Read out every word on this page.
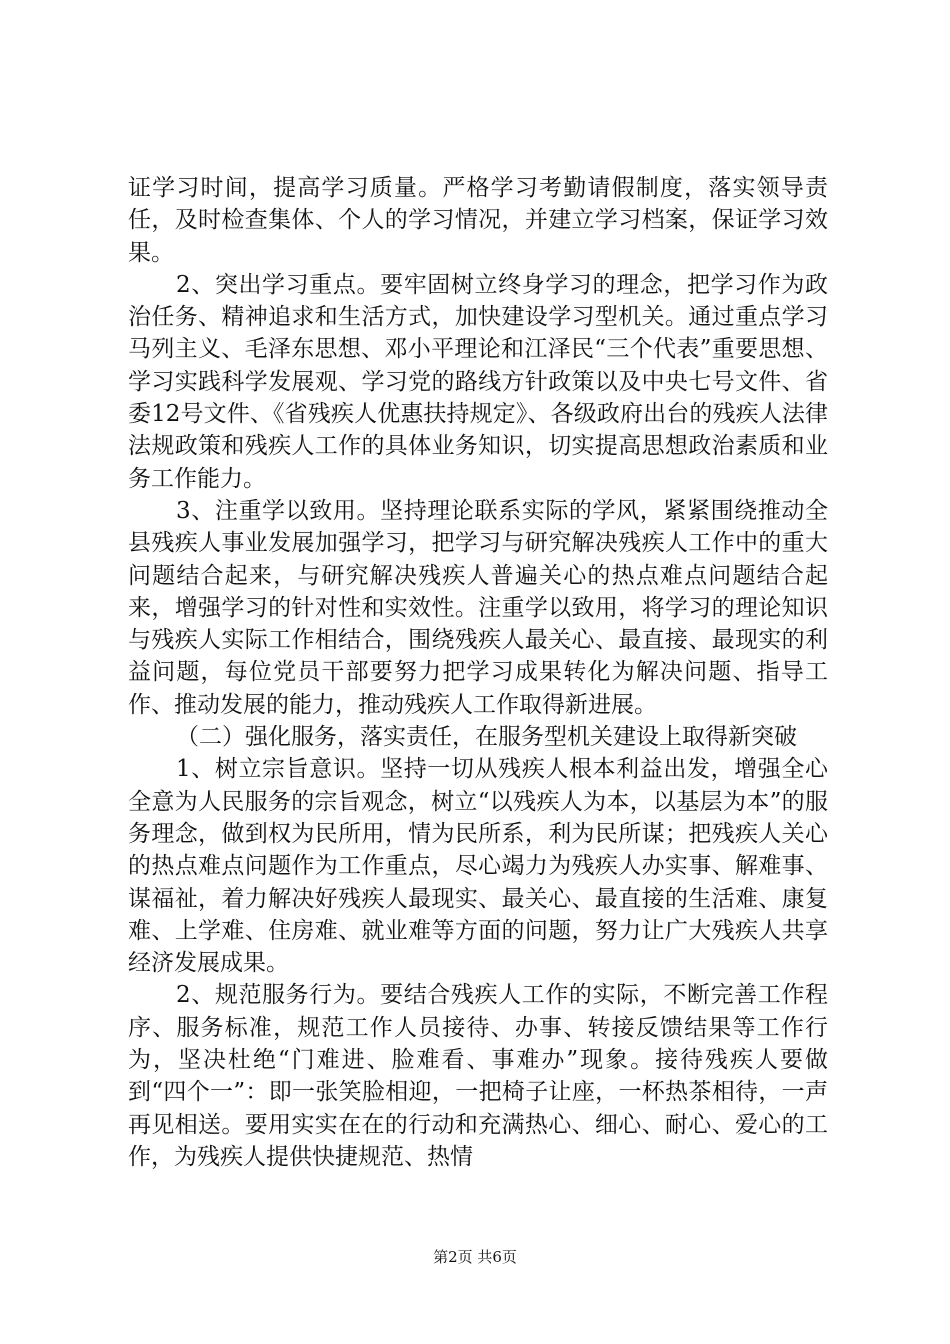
证学习时间，提高学习质量。严格学习考勤请假制度，落实领导责任，及时检查集体、个人的学习情况，并建立学习档案，保证学习效果。

2、突出学习重点。要牢固树立终身学习的理念，把学习作为政治任务、精神追求和生活方式，加快建设学习型机关。通过重点学习马列主义、毛泽东思想、邓小平理论和江泽民“三个代表”重要思想、学习实践科学发展观、学习党的路线方针政策以及中央七号文件、省委12号文件、《省残疾人优惠扶持规定》、各级政府出台的残疾人法律法规政策和残疾人工作的具体业务知识，切实提高思想政治素质和业务工作能力。

3、注重学以致用。坚持理论联系实际的学风，紧紧围绕推动全县残疾人事业发展加强学习，把学习与研究解决残疾人工作中的重大问题结合起来，与研究解决残疾人普遍关心的热点难点问题结合起来，增强学习的针对性和实效性。注重学以致用，将学习的理论知识与残疾人实际工作相结合，围绕残疾人最关心、最直接、最现实的利益问题，每位党员干部要努力把学习成果转化为解决问题、指导工作、推动发展的能力，推动残疾人工作取得新进展。

（二）强化服务，落实责任，在服务型机关建设上取得新突破

1、树立宗旨意识。坚持一切从残疾人根本利益出发，增强全心全意为人民服务的宗旨观念，树立“以残疾人为本，以基层为本”的服务理念，做到权为民所用，情为民所系，利为民所谋；把残疾人关心的热点难点问题作为工作重点，尽心竭力为残疾人办实事、解难事、谋福祉，着力解决好残疾人最现实、最关心、最直接的生活难、康复难、上学难、住房难、就业难等方面的问题，努力让广大残疾人共享经济发展成果。

2、规范服务行为。要结合残疾人工作的实际，不断完善工作程序、服务标准，规范工作人员接待、办事、转接反馈结果等工作行为，坚决杜绝“门难进、脸难看、事难办”现象。接待残疾人要做到“四个一”：即一张笑脸相迎，一把椅子让座，一杯热茶相待，一声再见相送。要用实实在在的行动和充满热心、细心、耐心、爱心的工作，为残疾人提供快捷规范、热情

第2页 共6页
